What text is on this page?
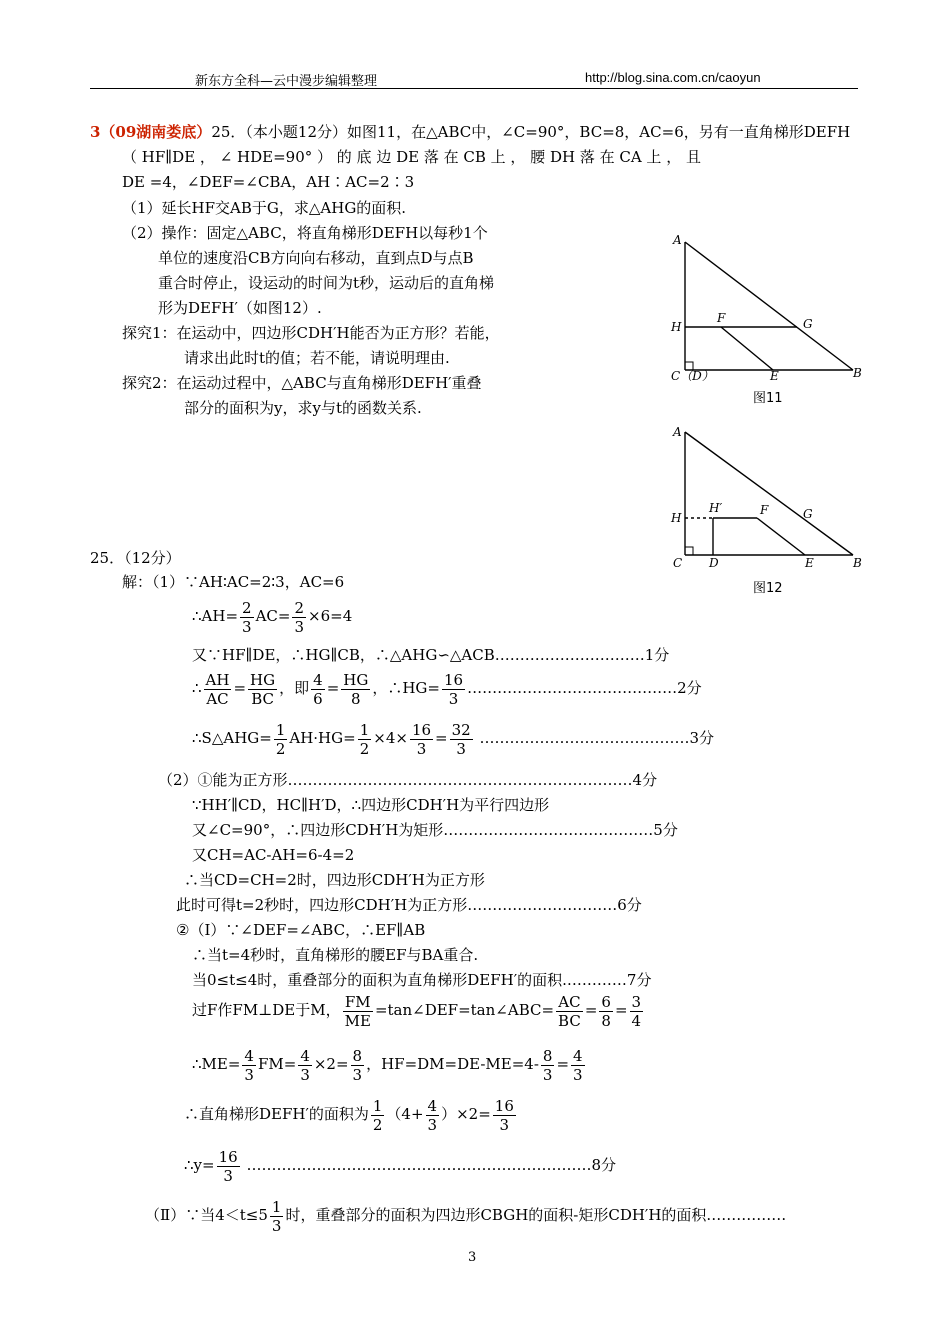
新东方全科—云中漫步编辑整理	http://blog.sina.com.cn/caoyun
3（09湖南娄底）25．（本小题12分）如图11，在△ABC中，∠C=90°，BC=8，AC=6，另有一直角梯形DEFH
（ HF∥DE ， ∠ HDE=90° ） 的 底 边 DE 落 在 CB 上 ， 腰 DH 落 在 CA 上 ， 且
DE =4，∠DEF=∠CBA，AH∶AC=2∶3
（1）延长HF交AB于G，求△AHG的面积.
（2）操作：固定△ABC，将直角梯形DEFH以每秒1个
单位的速度沿CB方向向右移动，直到点D与点B
重合时停止，设运动的时间为t秒，运动后的直角梯
形为DEFH′（如图12）.
探究1：在运动中，四边形CDH′H能否为正方形？若能，
请求出此时t的值；若不能，请说明理由.
探究2：在运动过程中，△ABC与直角梯形DEFH′重叠
部分的面积为y，求y与t的函数关系.
A
H
F	G
C（D）	E	B
图11
A
H
H′	F	G
C D	E	B
图12
25．（12分）
解：（1）∵AH∶AC=2∶3，AC=6
∴AH= $\frac{2}{3} AC= \frac{2}{3} \times 6=4$
又∵HF∥DE，∴HG∥CB，∴△AHG∽△ACB…………………………1分
∴ $\frac{AH}{AC} = \frac{HG}{BC}$ ，即 $\frac{4}{6} = \frac{HG}{8}$ ，∴HG= $\frac{16}{3}$ ……………………………………2分
∴S△AHG= $\frac{1}{2} AH\cdot HG= \frac{1}{2} \times 4\times \frac{16}{3} = \frac{32}{3}$ ……………………………………3分
（2）①能为正方形……………………………………………………………4分
∵HH′∥CD，HC∥H′D，∴四边形CDH′H为平行四边形
又∠C=90°，∴四边形CDH′H为矩形……………………………………5分
又CH=AC-AH=6-4=2
∴当CD=CH=2时，四边形CDH′H为正方形
此时可得t=2秒时，四边形CDH′H为正方形…………………………6分
②（Ⅰ）∵∠DEF=∠ABC，∴EF∥AB
∴当t=4秒时，直角梯形的腰EF与BA重合.
当0≤t≤4时，重叠部分的面积为直角梯形DEFH′的面积.…………7分
过F作FM⊥DE于M， $\frac{FM}{ME}$ =tan∠DEF=tan∠ABC= $\frac{AC}{BC} = \frac{6}{8} = \frac{3}{4}$
∴ME= $\frac{4}{3} FM= \frac{4}{3} \times 2= \frac{8}{3}$ ，$HF=DM=DE-ME=4- \frac{8}{3} = \frac{4}{3}$
∴直角梯形DEFH′的面积为 $\frac{1}{2} (4+ \frac{4}{3} )\times 2= \frac{16}{3}$
∴y= $\frac{16}{3}$ ……………………………………………………………8分
（Ⅱ）∵当$4<t\le 5 \frac{1}{3}$ 时，重叠部分的面积为四边形CBGH的面积-矩形CDH′H的面积.……………
3
